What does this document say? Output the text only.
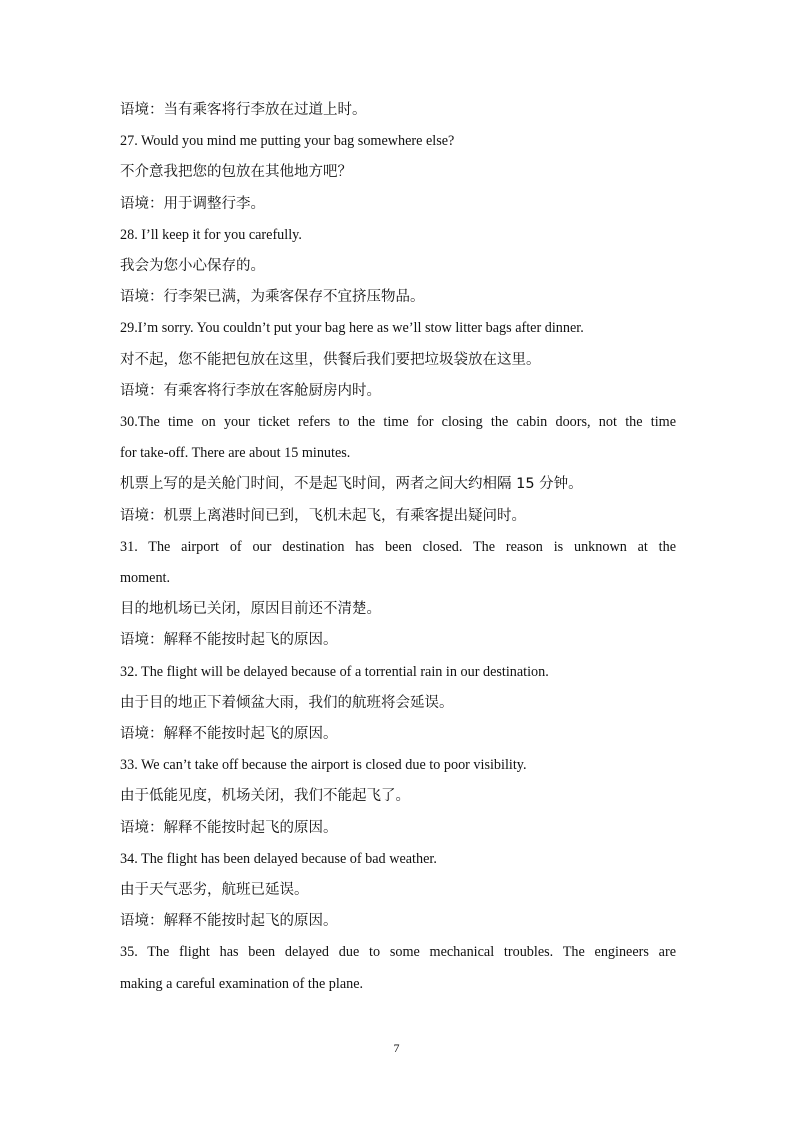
语境：当有乘客将行李放在过道上时。
27. Would you mind me putting your bag somewhere else?
不介意我把您的包放在其他地方吧？
语境：用于调整行李。
28. I’ll keep it for you carefully.
我会为您小心保存的。
语境：行李架已满，为乘客保存不宜挤压物品。
29.I’m sorry. You couldn’t put your bag here as we’ll stow litter bags after dinner.
对不起，您不能把包放在这里，供餐后我们要把垃圾袋放在这里。
语境：有乘客将行李放在客舱厨房内时。
30.The time on your ticket refers to the time for closing the cabin doors, not the time
for take-off. There are about 15 minutes.
机票上写的是关舱门时间，不是起飞时间，两者之间大约相隔 15 分钟。
语境：机票上离港时间已到，飞机未起飞，有乘客提出疑问时。
31. The airport of our destination has been closed. The reason is unknown at the
moment.
目的地机场已关闭，原因目前还不清楚。
语境：解释不能按时起飞的原因。
32. The flight will be delayed because of a torrential rain in our destination.
由于目的地正下着倾盆大雨，我们的航班将会延误。
语境：解释不能按时起飞的原因。
33. We can’t take off because the airport is closed due to poor visibility.
由于低能见度，机场关闭，我们不能起飞了。
语境：解释不能按时起飞的原因。
34. The flight has been delayed because of bad weather.
由于天气恶劣，航班已延误。
语境：解释不能按时起飞的原因。
35. The flight has been delayed due to some mechanical troubles. The engineers are
making a careful examination of the plane.
7
